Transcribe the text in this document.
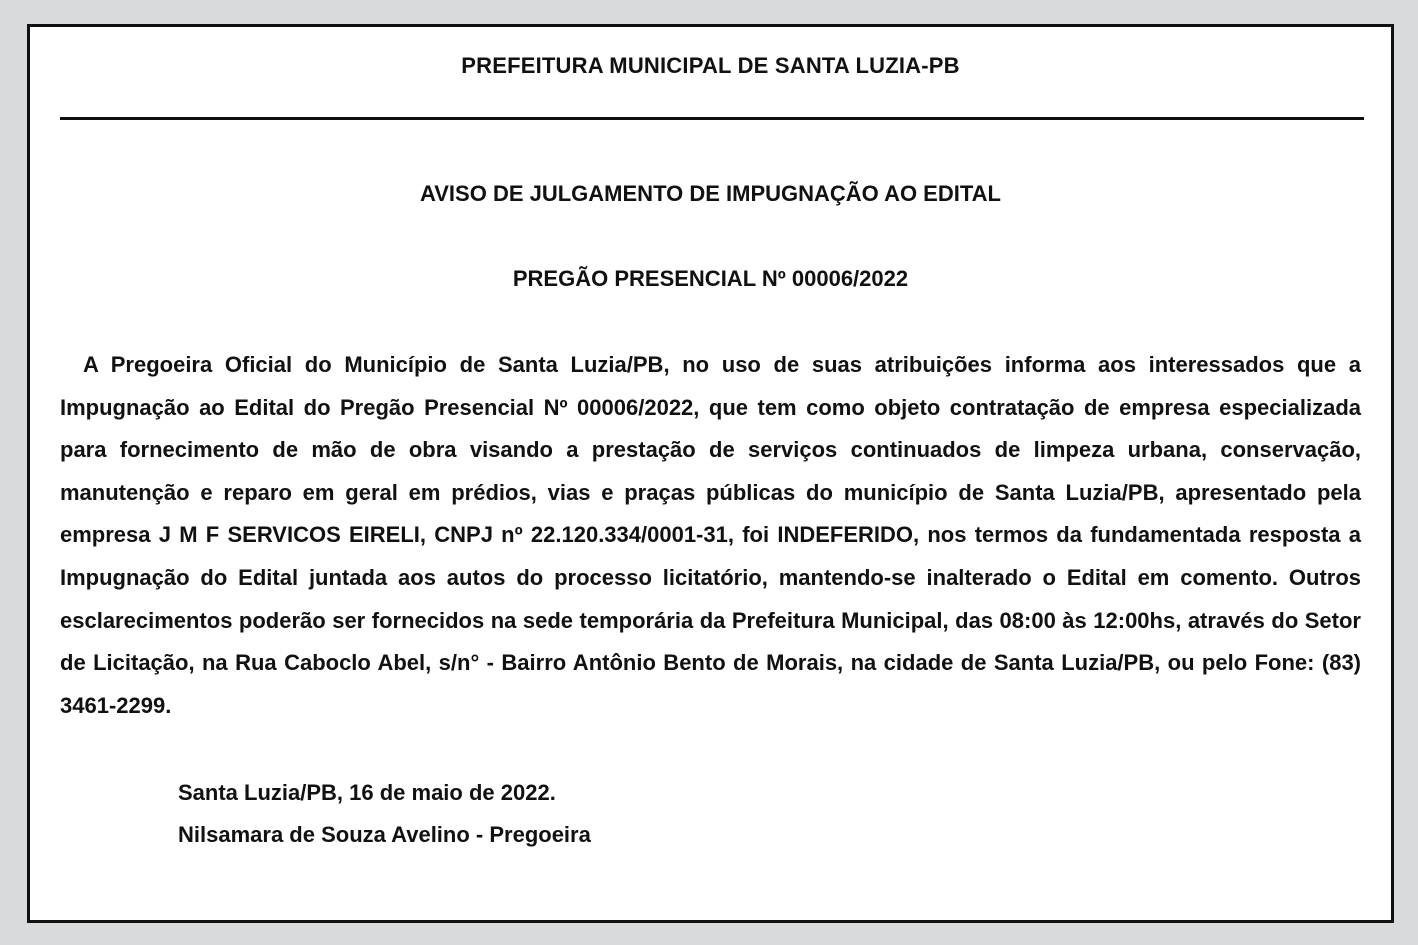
PREFEITURA MUNICIPAL DE SANTA LUZIA-PB
AVISO DE JULGAMENTO DE IMPUGNAÇÃO AO EDITAL
PREGÃO PRESENCIAL Nº 00006/2022

A Pregoeira Oficial do Município de Santa Luzia/PB, no uso de suas atribuições informa aos interessados que a Impugnação ao Edital do Pregão Presencial Nº 00006/2022, que tem como objeto contratação de empresa especializada para fornecimento de mão de obra visando a prestação de serviços continuados de limpeza urbana, conservação, manutenção e reparo em geral em prédios, vias e praças públicas do município de Santa Luzia/PB, apresentado pela empresa J M F SERVICOS EIRELI, CNPJ nº 22.120.334/0001-31, foi INDEFERIDO, nos termos da fundamentada resposta a Impugnação do Edital juntada aos autos do processo licitatório, mantendo-se inalterado o Edital em comento. Outros esclarecimentos poderão ser fornecidos na sede temporária da Prefeitura Municipal, das 08:00 às 12:00hs, através do Setor de Licitação, na Rua Caboclo Abel, s/n° - Bairro Antônio Bento de Morais, na cidade de Santa Luzia/PB, ou pelo Fone: (83) 3461-2299.

Santa Luzia/PB, 16 de maio de 2022.
Nilsamara de Souza Avelino - Pregoeira
